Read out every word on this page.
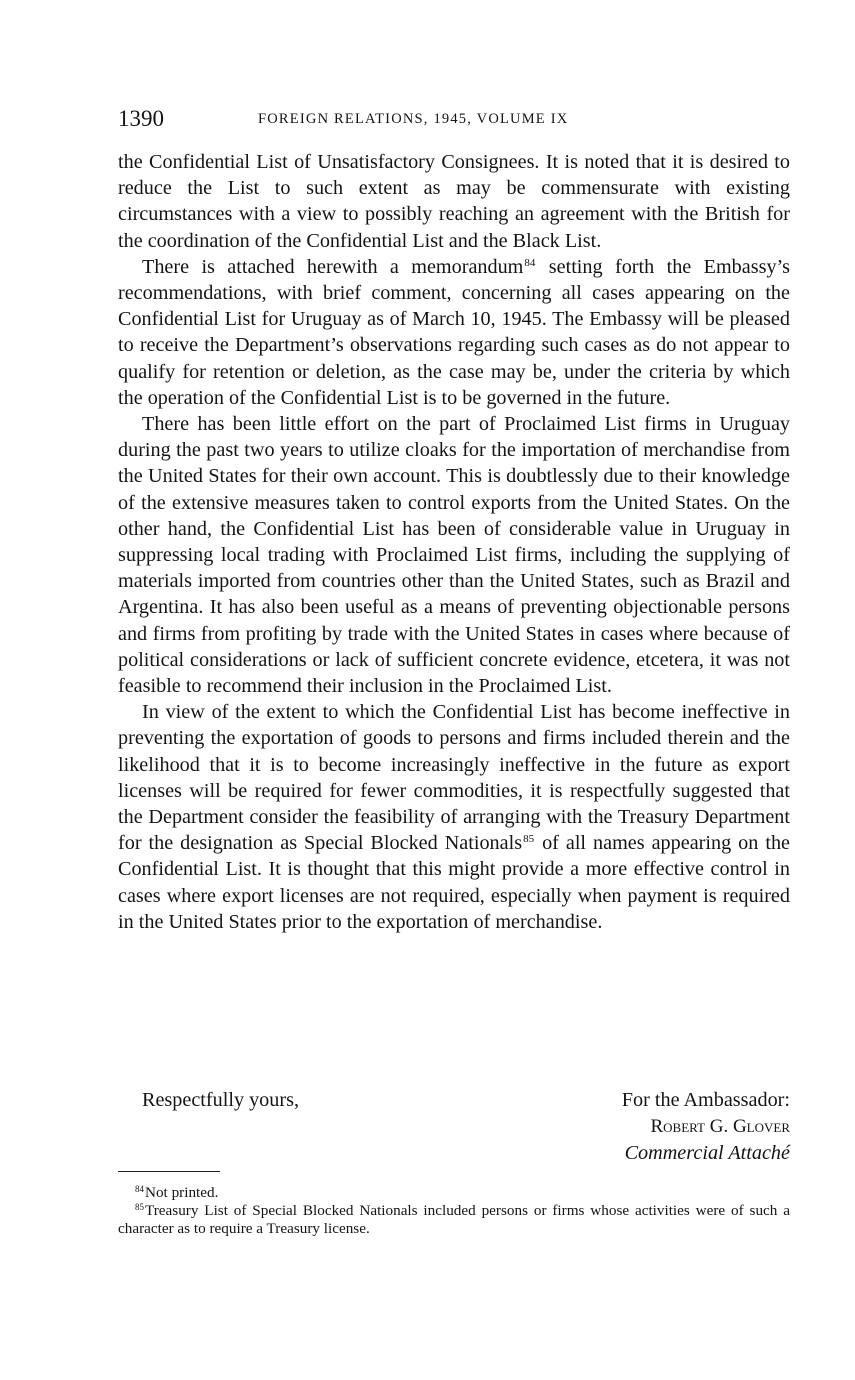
1390	FOREIGN RELATIONS, 1945, VOLUME IX

the Confidential List of Unsatisfactory Consignees. It is noted that it is desired to reduce the List to such extent as may be commensurate with existing circumstances with a view to possibly reaching an agreement with the British for the coordination of the Confidential List and the Black List.

There is attached herewith a memorandum$^{84}$ setting forth the Embassy’s recommendations, with brief comment, concerning all cases appearing on the Confidential List for Uruguay as of March 10, 1945. The Embassy will be pleased to receive the Department’s observations regarding such cases as do not appear to qualify for retention or deletion, as the case may be, under the criteria by which the operation of the Confidential List is to be governed in the future.

There has been little effort on the part of Proclaimed List firms in Uruguay during the past two years to utilize cloaks for the importation of merchandise from the United States for their own account. This is doubtlessly due to their knowledge of the extensive measures taken to control exports from the United States. On the other hand, the Confidential List has been of considerable value in Uruguay in suppressing local trading with Proclaimed List firms, including the supplying of materials imported from countries other than the United States, such as Brazil and Argentina. It has also been useful as a means of preventing objectionable persons and firms from profiting by trade with the United States in cases where because of political considerations or lack of sufficient concrete evidence, etcetera, it was not feasible to recommend their inclusion in the Proclaimed List.

In view of the extent to which the Confidential List has become ineffective in preventing the exportation of goods to persons and firms included therein and the likelihood that it is to become increasingly ineffective in the future as export licenses will be required for fewer commodities, it is respectfully suggested that the Department consider the feasibility of arranging with the Treasury Department for the designation as Special Blocked Nationals$^{85}$ of all names appearing on the Confidential List. It is thought that this might provide a more effective control in cases where export licenses are not required, especially when payment is required in the United States prior to the exportation of merchandise.

Respectfully yours,	For the Ambassador:
Robert G. Glover
Commercial Attaché

$^{84}$Not printed.

$^{85}$Treasury List of Special Blocked Nationals included persons or firms whose activities were of such a character as to require a Treasury license.
